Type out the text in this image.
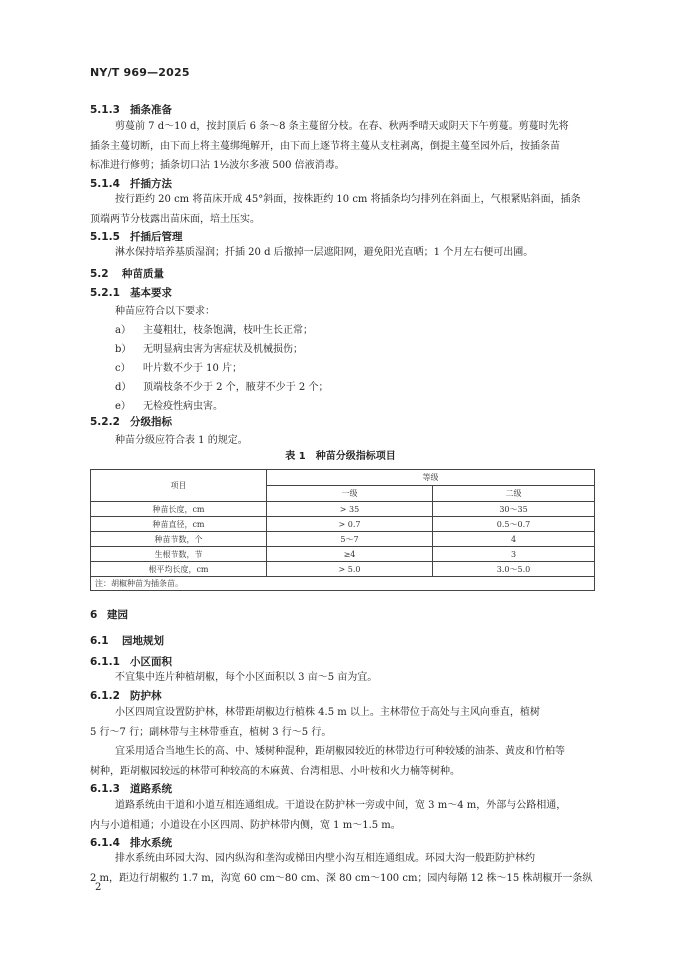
NY/T 969—2025
5.1.3 插条准备
剪蔓前 7 d～10 d，按封顶后 6 条～8 条主蔓留分枝。在春、秋两季晴天或阴天下午剪蔓。剪蔓时先将
插条主蔓切断，由下而上将主蔓绑绳解开，由下而上逐节将主蔓从支柱剥离，倒提主蔓至园外后，按插条苗
标准进行修剪；插条切口沾 1½波尔多液 500 倍液消毒。
5.1.4 扦插方法
按行距约 20 cm 将苗床开成 45°斜面，按株距约 10 cm 将插条均匀排列在斜面上，气根紧贴斜面，插条
顶端两节分枝露出苗床面，培土压实。
5.1.5 扦插后管理
淋水保持培养基质湿润；扦插 20 d 后撤掉一层遮阳网，避免阳光直晒；1 个月左右便可出圃。
5.2 种苗质量
5.2.1 基本要求
种苗应符合以下要求：
a） 主蔓粗壮，枝条饱满，枝叶生长正常；
b） 无明显病虫害为害症状及机械损伤；
c） 叶片数不少于 10 片；
d） 顶端枝条不少于 2 个，腋芽不少于 2 个；
e） 无检疫性病虫害。
5.2.2 分级指标
种苗分级应符合表 1 的规定。
表 1　种苗分级指标项目
项目	等级	
	一级	二级
种苗长度，cm	> 35	30～35
种苗直径，cm	> 0.7	0.5～0.7
种苗节数，个	5～7	4
生根节数，节	≥4	3
根平均长度，cm	> 5.0	3.0～5.0
注：胡椒种苗为插条苗。		
6 建园
6.1 园地规划
6.1.1 小区面积
不宜集中连片种植胡椒，每个小区面积以 3 亩～5 亩为宜。
6.1.2 防护林
小区四周宜设置防护林，林带距胡椒边行植株 4.5 m 以上。主林带位于高处与主风向垂直，植树
5 行～7 行；副林带与主林带垂直，植树 3 行～5 行。
宜采用适合当地生长的高、中、矮树种混种，距胡椒园较近的林带边行可种较矮的油茶、黄皮和竹柏等
树种，距胡椒园较远的林带可种较高的木麻黄、台湾相思、小叶桉和火力楠等树种。
6.1.3 道路系统
道路系统由干道和小道互相连通组成。干道设在防护林一旁或中间，宽 3 m～4 m，外部与公路相通，
内与小道相通；小道设在小区四周、防护林带内侧，宽 1 m～1.5 m。
6.1.4 排水系统
排水系统由环园大沟、园内纵沟和垄沟或梯田内壁小沟互相连通组成。环园大沟一般距防护林约
2 m，距边行胡椒约 1.7 m，沟宽 60 cm～80 cm、深 80 cm～100 cm；园内每隔 12 株～15 株胡椒开一条纵
2
